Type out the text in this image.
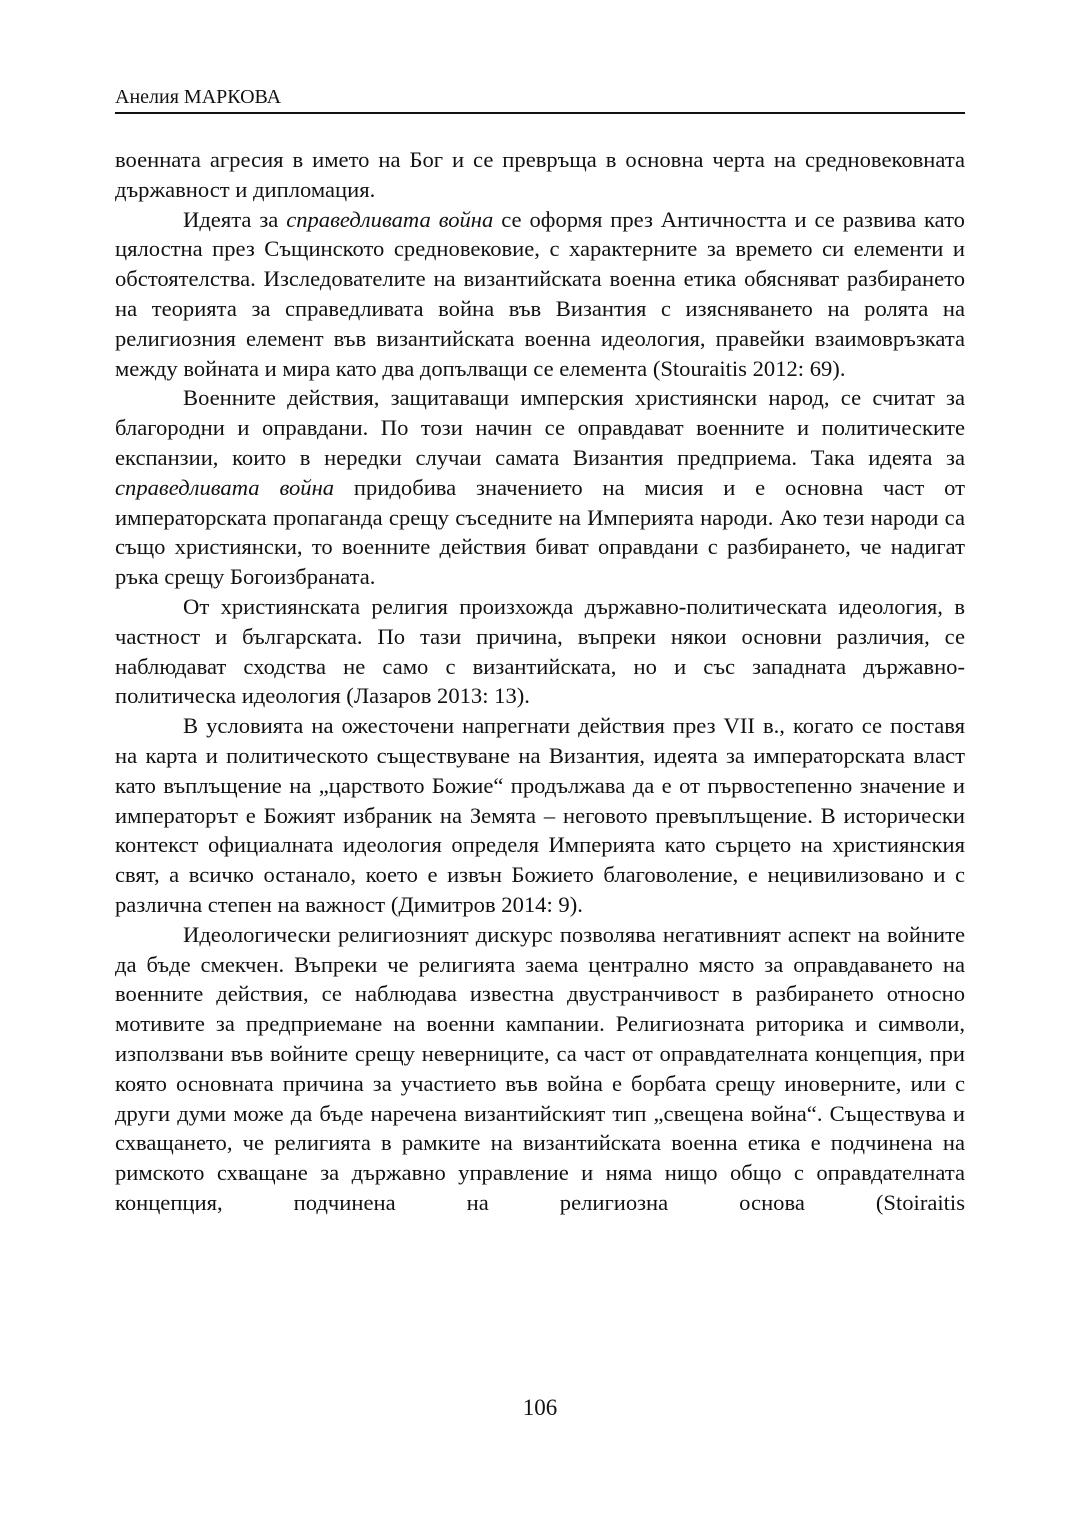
Анелия МАРКОВА

военната агресия в името на Бог и се превръща в основна черта на средновековната държавност и дипломация.

Идеята за справедливата война се оформя през Античността и се развива като цялостна през Същинското средновековие, с характерните за времето си елементи и обстоятелства. Изследователите на византийската военна етика обясняват разбирането на теорията за справедливата война във Византия с изясняването на ролята на религиозния елемент във византийската военна идеология, правейки взаимовръзката между войната и мира като два допълващи се елемента (Stouraitis 2012: 69).

Военните действия, защитаващи имперския християнски народ, се считат за благородни и оправдани. По този начин се оправдават военните и политическите експанзии, които в нередки случаи самата Византия предприема. Така идеята за справедливата война придобива значението на мисия и е основна част от императорската пропаганда срещу съседните на Империята народи. Ако тези народи са също християнски, то военните действия биват оправдани с разбирането, че надигат ръка срещу Богоизбраната.

От християнската религия произхожда държавно-политическата идеология, в частност и българската. По тази причина, въпреки някои основни различия, се наблюдават сходства не само с византийската, но и със западната държавно-политическа идеология (Лазаров 2013: 13).

В условията на ожесточени напрегнати действия през VII в., когато се поставя на карта и политическото съществуване на Византия, идеята за императорската власт като въплъщение на „царството Божие“ продължава да е от първостепенно значение и императорът е Божият избраник на Земята – неговото превъплъщение. В исторически контекст официалната идеология определя Империята като сърцето на християнския свят, а всичко останало, което е извън Божието благоволение, е нецивилизовано и с различна степен на важност (Димитров 2014: 9).

Идеологически религиозният дискурс позволява негативният аспект на войните да бъде смекчен. Въпреки че религията заема централно място за оправдаването на военните действия, се наблюдава известна двустранчивост в разбирането относно мотивите за предприемане на военни кампании. Религиозната риторика и символи, използвани във войните срещу неверниците, са част от оправдателната концепция, при която основната причина за участието във война е борбата срещу иноверните, или с други думи може да бъде наречена византийският тип „свещена война“. Съществува и схващането, че религията в рамките на византийската военна етика е подчинена на римското схващане за държавно управление и няма нищо общо с оправдателната концепция, подчинена на религиозна основа (Stoiraitis

106
